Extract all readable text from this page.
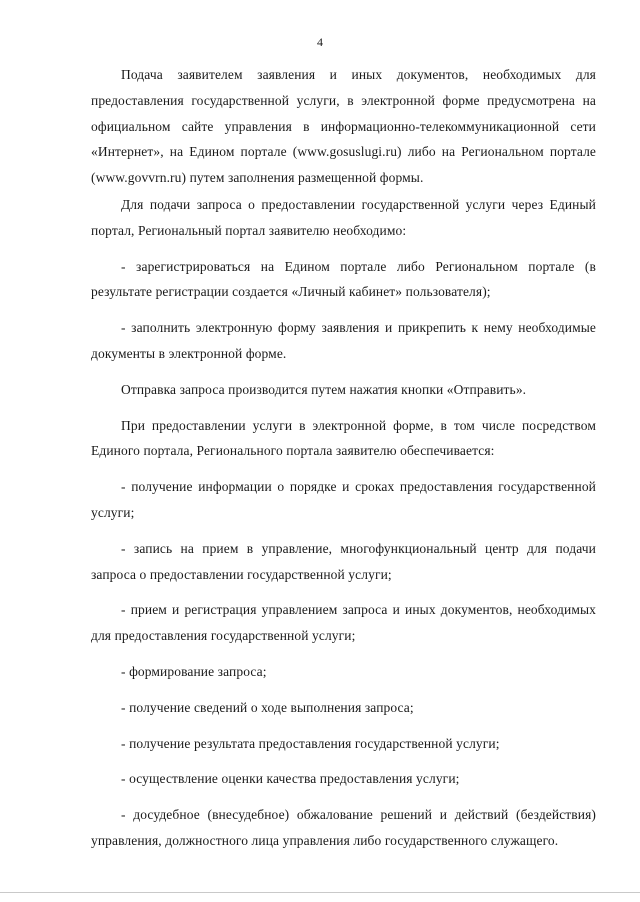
4

Подача заявителем заявления и иных документов, необходимых для предоставления государственной услуги, в электронной форме предусмотрена на официальном сайте управления в информационно-телекоммуникационной сети «Интернет», на Едином портале (www.gosuslugi.ru) либо на Региональном портале (www.govvrn.ru) путем заполнения размещенной формы.

Для подачи запроса о предоставлении государственной услуги через Единый портал, Региональный портал заявителю необходимо:

- зарегистрироваться на Едином портале либо Региональном портале (в результате регистрации создается «Личный кабинет» пользователя);

- заполнить электронную форму заявления и прикрепить к нему необходимые документы в электронной форме.

Отправка запроса производится путем нажатия кнопки «Отправить».

При предоставлении услуги в электронной форме, в том числе посредством Единого портала, Регионального портала заявителю обеспечивается:

- получение информации о порядке и сроках предоставления государственной услуги;

- запись на прием в управление, многофункциональный центр для подачи запроса о предоставлении государственной услуги;

- прием и регистрация управлением запроса и иных документов, необходимых для предоставления государственной услуги;

- формирование запроса;

- получение сведений о ходе выполнения запроса;

- получение результата предоставления государственной услуги;

- осуществление оценки качества предоставления услуги;

- досудебное (внесудебное) обжалование решений и действий (бездействия) управления, должностного лица управления либо государственного служащего.
